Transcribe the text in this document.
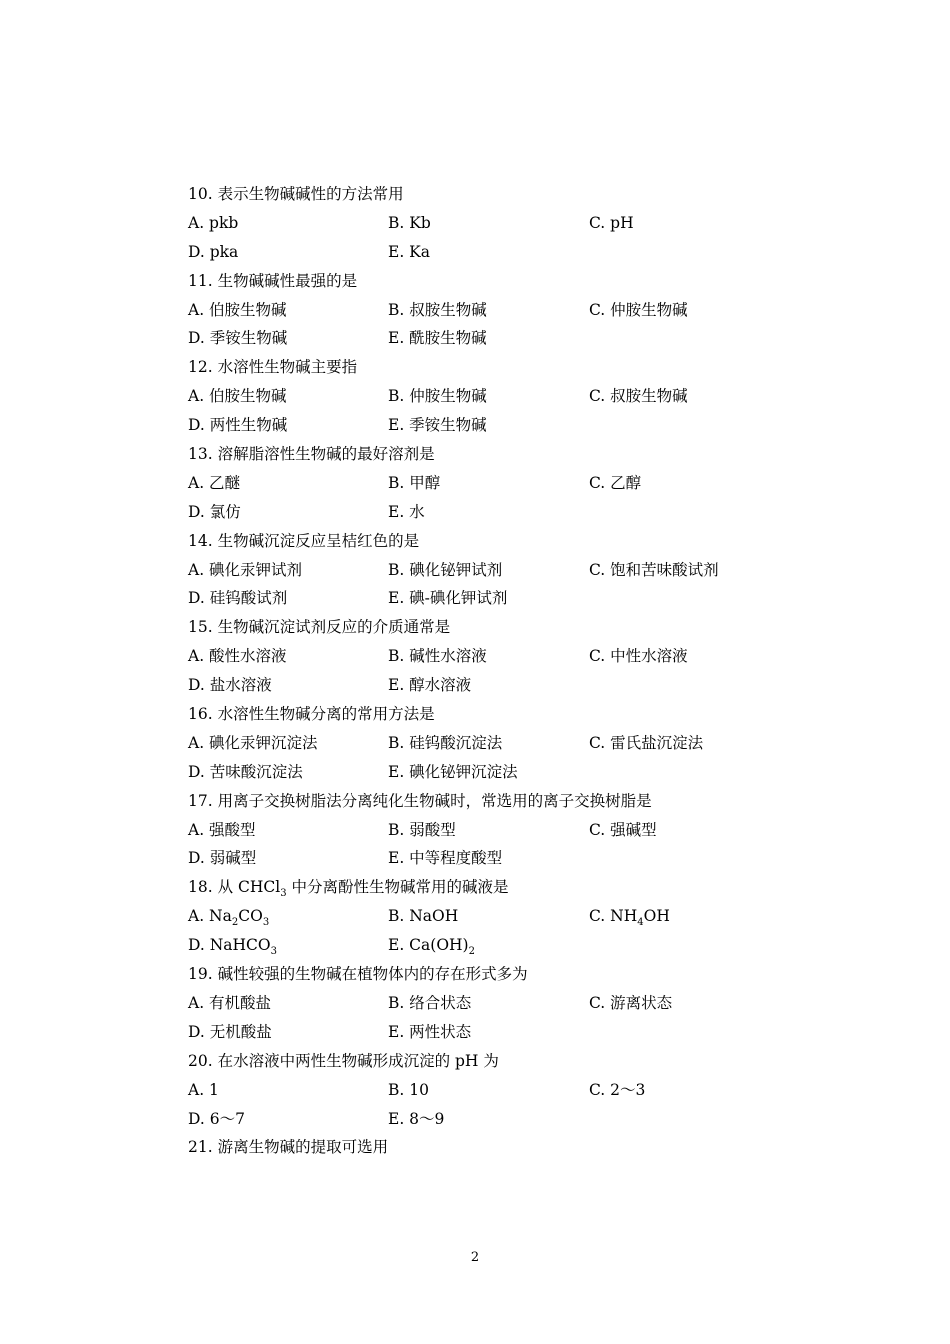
10. 表示生物碱碱性的方法常用
A. pkb	B. Kb	C. pH
D. pka	E. Ka
11. 生物碱碱性最强的是
A. 伯胺生物碱	B. 叔胺生物碱	C. 仲胺生物碱
D. 季铵生物碱	E. 酰胺生物碱
12. 水溶性生物碱主要指
A. 伯胺生物碱	B. 仲胺生物碱	C. 叔胺生物碱
D. 两性生物碱	E. 季铵生物碱
13. 溶解脂溶性生物碱的最好溶剂是
A. 乙醚	B. 甲醇	C. 乙醇
D. 氯仿	E. 水
14. 生物碱沉淀反应呈桔红色的是
A. 碘化汞钾试剂	B. 碘化铋钾试剂	C. 饱和苦味酸试剂
D. 硅钨酸试剂	E. 碘-碘化钾试剂
15. 生物碱沉淀试剂反应的介质通常是
A. 酸性水溶液	B. 碱性水溶液	C. 中性水溶液
D. 盐水溶液	E. 醇水溶液
16. 水溶性生物碱分离的常用方法是
A. 碘化汞钾沉淀法	B. 硅钨酸沉淀法	C. 雷氏盐沉淀法
D. 苦味酸沉淀法	E. 碘化铋钾沉淀法
17. 用离子交换树脂法分离纯化生物碱时，常选用的离子交换树脂是
A. 强酸型	B. 弱酸型	C. 强碱型
D. 弱碱型	E. 中等程度酸型
18. 从 CHCl$_3$ 中分离酚性生物碱常用的碱液是
A. $Na_2CO_3$	B. NaOH	C. $NH_4OH$
D. NaHCO$_3$	E. $Ca(OH)_2$
19. 碱性较强的生物碱在植物体内的存在形式多为
A. 有机酸盐	B. 络合状态	C. 游离状态
D. 无机酸盐	E. 两性状态
20. 在水溶液中两性生物碱形成沉淀的 pH 为
A. 1	B. 10	C. 2～3
D. 6～7	E. 8～9
21. 游离生物碱的提取可选用
2
